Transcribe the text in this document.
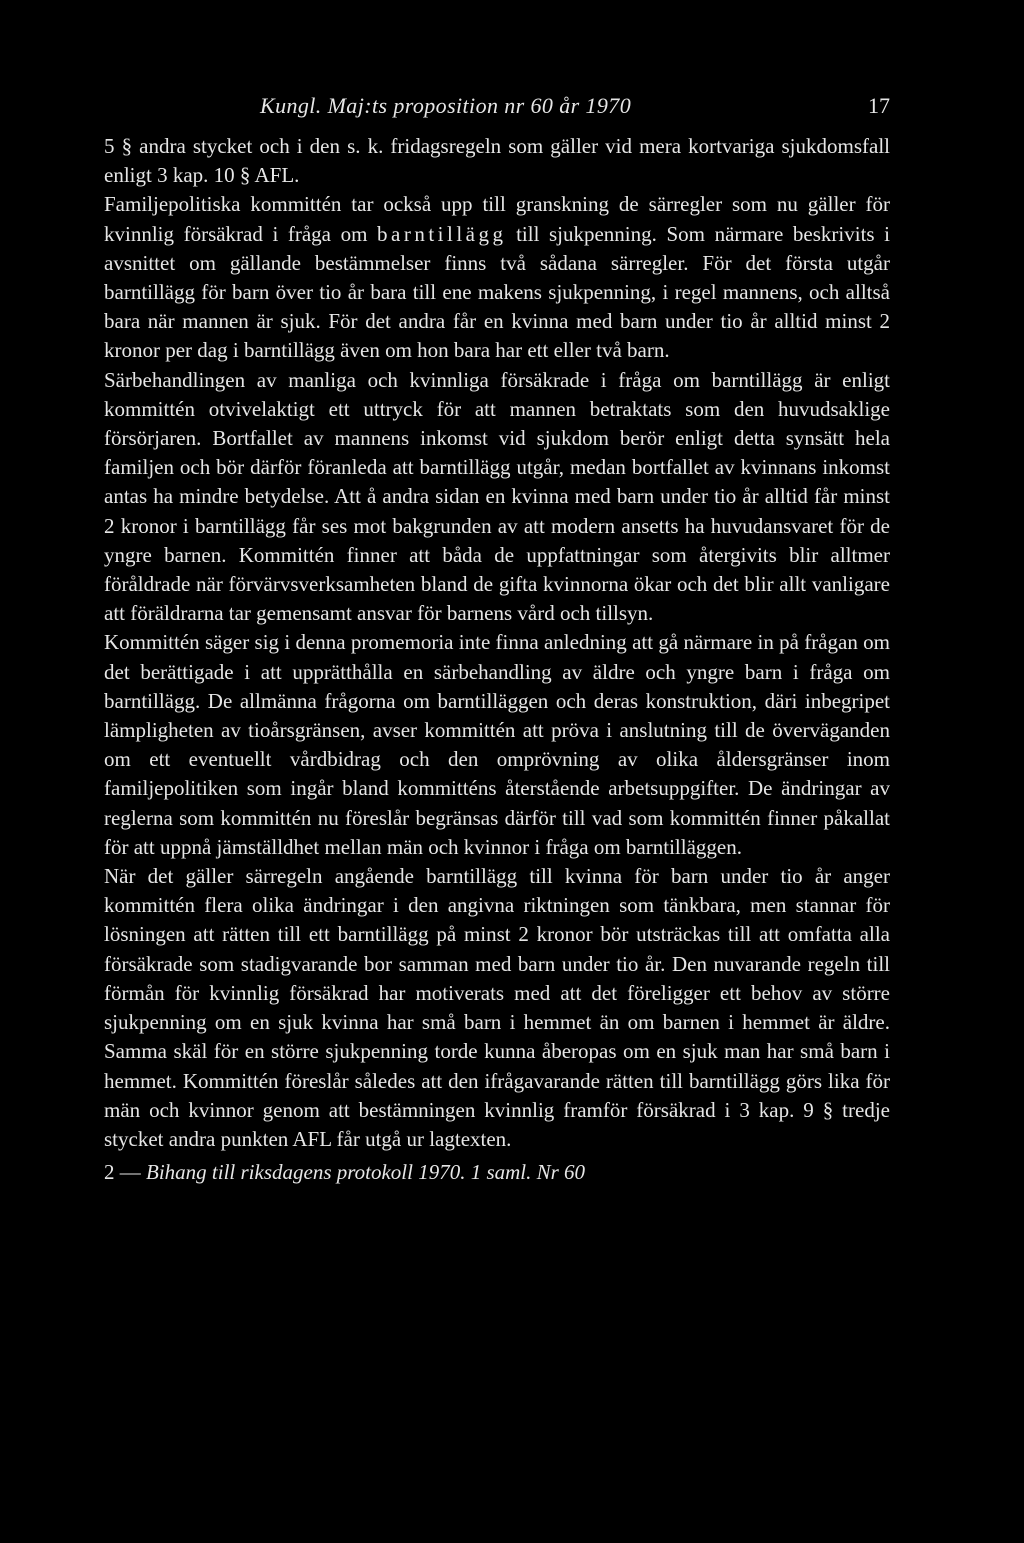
Kungl. Maj:ts proposition nr 60 år 1970	17

5 § andra stycket och i den s. k. fridagsregeln som gäller vid mera kortvariga sjukdomsfall enligt 3 kap. 10 § AFL.

Familjepolitiska kommittén tar också upp till granskning de särregler som nu gäller för kvinnlig försäkrad i fråga om barntillägg till sjukpenning. Som närmare beskrivits i avsnittet om gällande bestämmelser finns två sådana särregler. För det första utgår barntillägg för barn över tio år bara till ene makens sjukpenning, i regel mannens, och alltså bara när mannen är sjuk. För det andra får en kvinna med barn under tio år alltid minst 2 kronor per dag i barntillägg även om hon bara har ett eller två barn.

Särbehandlingen av manliga och kvinnliga försäkrade i fråga om barntillägg är enligt kommittén otvivelaktigt ett uttryck för att mannen betraktats som den huvudsaklige försörjaren. Bortfallet av mannens inkomst vid sjukdom berör enligt detta synsätt hela familjen och bör därför föranleda att barntillägg utgår, medan bortfallet av kvinnans inkomst antas ha mindre betydelse. Att å andra sidan en kvinna med barn under tio år alltid får minst 2 kronor i barntillägg får ses mot bakgrunden av att modern ansetts ha huvudansvaret för de yngre barnen. Kommittén finner att båda de uppfattningar som återgivits blir alltmer föråldrade när förvärvsverksamheten bland de gifta kvinnorna ökar och det blir allt vanligare att föräldrarna tar gemensamt ansvar för barnens vård och tillsyn.

Kommittén säger sig i denna promemoria inte finna anledning att gå närmare in på frågan om det berättigade i att upprätthålla en särbehandling av äldre och yngre barn i fråga om barntillägg. De allmänna frågorna om barntilläggen och deras konstruktion, däri inbegripet lämpligheten av tioårsgränsen, avser kommittén att pröva i anslutning till de överväganden om ett eventuellt vårdbidrag och den omprövning av olika åldersgränser inom familjepolitiken som ingår bland kommitténs återstående arbetsuppgifter. De ändringar av reglerna som kommittén nu föreslår begränsas därför till vad som kommittén finner påkallat för att uppnå jämställdhet mellan män och kvinnor i fråga om barntilläggen.

När det gäller särregeln angående barntillägg till kvinna för barn under tio år anger kommittén flera olika ändringar i den angivna riktningen som tänkbara, men stannar för lösningen att rätten till ett barntillägg på minst 2 kronor bör utsträckas till att omfatta alla försäkrade som stadigvarande bor samman med barn under tio år. Den nuvarande regeln till förmån för kvinnlig försäkrad har motiverats med att det föreligger ett behov av större sjukpenning om en sjuk kvinna har små barn i hemmet än om barnen i hemmet är äldre. Samma skäl för en större sjukpenning torde kunna åberopas om en sjuk man har små barn i hemmet. Kommittén föreslår således att den ifrågavarande rätten till barntillägg görs lika för män och kvinnor genom att bestämningen kvinnlig framför försäkrad i 3 kap. 9 § tredje stycket andra punkten AFL får utgå ur lagtexten.

2 — Bihang till riksdagens protokoll 1970. 1 saml. Nr 60
